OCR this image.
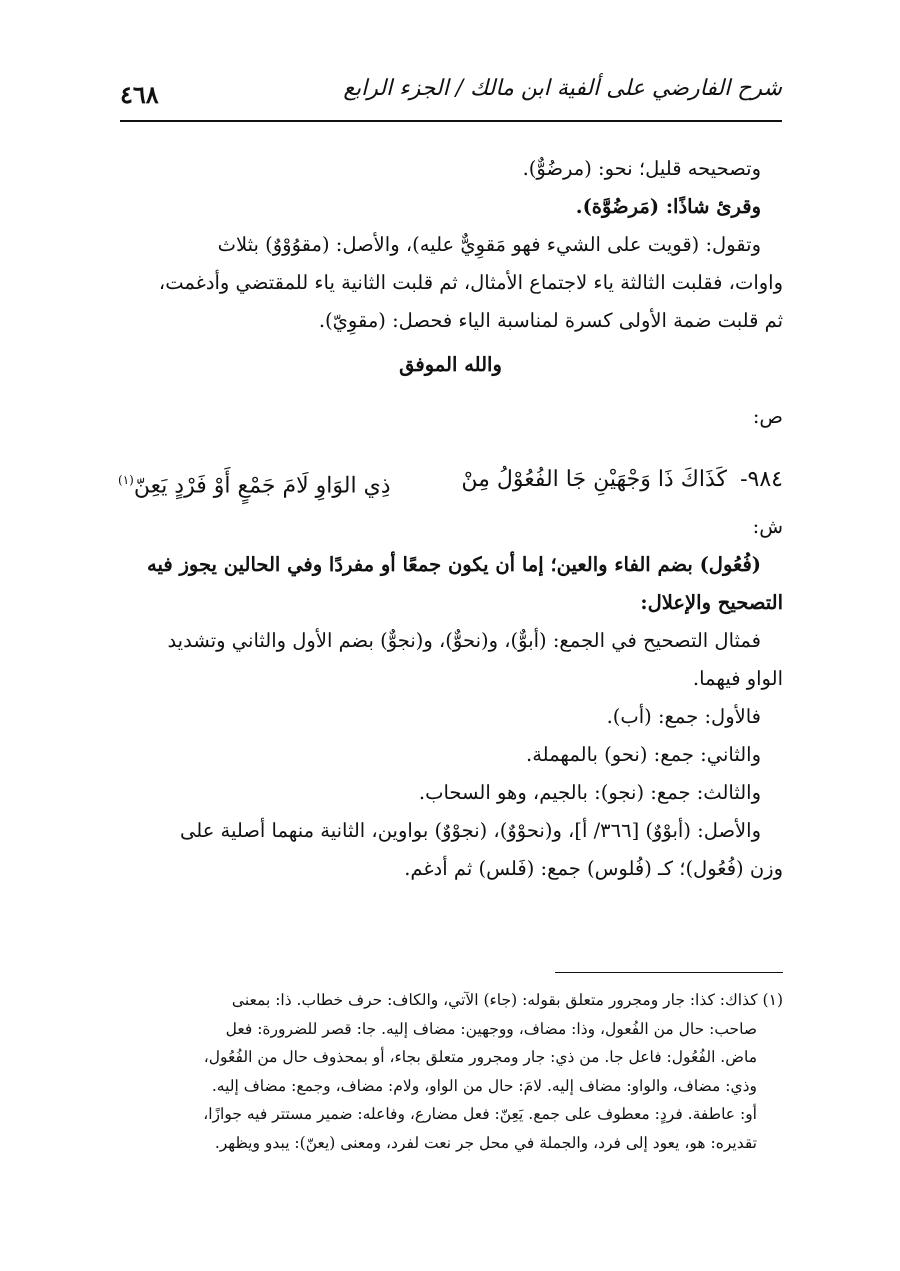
شرح الفارضي على ألفية ابن مالك / الجزء الرابع
٤٦٨
وتصحيحه قليل؛ نحو: (مرضُوٌّ).
وقرئ شاذًا: (مَرضُوَّة).
وتقول: (قويت على الشيء فهو مَقوِيٌّ عليه)، والأصل: (مقوُوْوٌ) بثلاث
واوات، فقلبت الثالثة ياء لاجتماع الأمثال، ثم قلبت الثانية ياء للمقتضي وأدغمت،
ثم قلبت ضمة الأولى كسرة لمناسبة الياء فحصل: (مقوِيّ).
والله الموفق
ص:
٩٨٤-
كَذَاكَ ذَا وَجْهَيْنِ جَا الفُعُوْلُ مِنْ
ذِي الوَاوِ لَامَ جَمْعٍ أَوْ فَرْدٍ يَعِنّ$^{(١)}$
ش:
(فُعُول) بضم الفاء والعين؛ إما أن يكون جمعًا أو مفردًا وفي الحالين يجوز فيه
التصحيح والإعلال:
فمثال التصحيح في الجمع: (أبوٌّ)، و(نحوٌّ)، و(نجوٌّ) بضم الأول والثاني وتشديد
الواو فيهما.
فالأول: جمع: (أب).
والثاني: جمع: (نحو) بالمهملة.
والثالث: جمع: (نجو): بالجيم، وهو السحاب.
والأصل: (أبوْوٌ) [٣٦٦/ أ]، و(نحوْوٌ)، (نجوْوٌ) بواوين، الثانية منهما أصلية على
وزن (فُعُول)؛ كـ (فُلوس) جمع: (فَلس) ثم أدغم.
(١) كذاك: كذا: جار ومجرور متعلق بقوله: (جاء) الآتي، والكاف: حرف خطاب. ذا: بمعنى
صاحب: حال من الفُعول، وذا: مضاف، ووجهين: مضاف إليه. جا: قصر للضرورة: فعل
ماض. الفُعُول: فاعل جا. من ذي: جار ومجرور متعلق بجاء، أو بمحذوف حال من الفُعُول،
وذي: مضاف، والواو: مضاف إليه. لامَ: حال من الواو، ولام: مضاف، وجمع: مضاف إليه.
أو: عاطفة. فردٍ: معطوف على جمع. يَعِنّ: فعل مضارع، وفاعله: ضمير مستتر فيه جوازًا،
تقديره: هو، يعود إلى فرد، والجملة في محل جر نعت لفرد، ومعنى (يعنّ): يبدو ويظهر.
